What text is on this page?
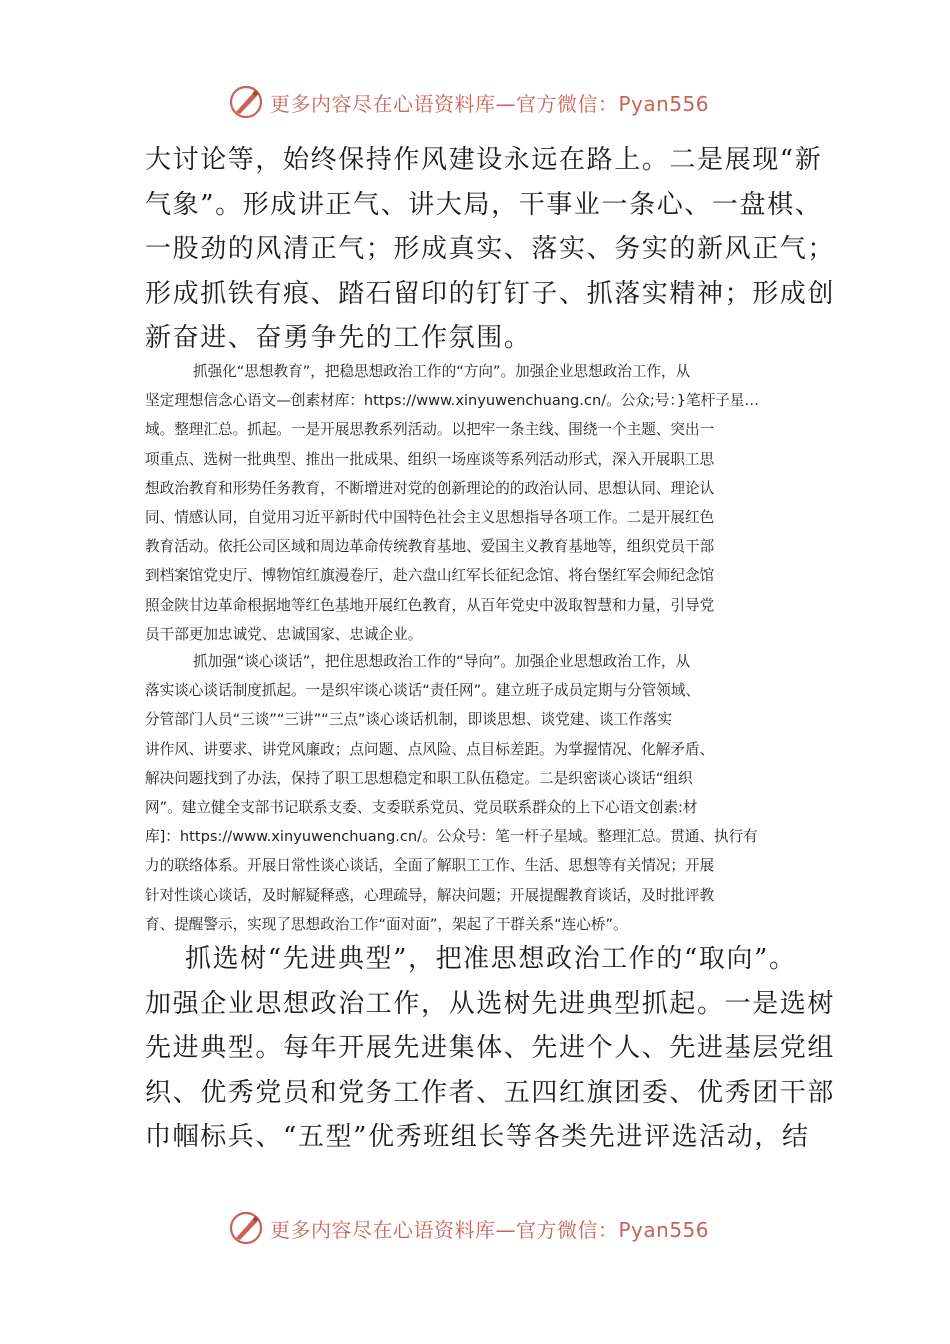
更多内容尽在心语资料库—官方微信：Pyan556
大讨论等，始终保持作风建设永远在路上。二是展现“新
气象”。形成讲正气、讲大局，干事业一条心、一盘棋、
一股劲的风清正气；形成真实、落实、务实的新风正气；
形成抓铁有痕、踏石留印的钉钉子、抓落实精神；形成创
新奋进、奋勇争先的工作氛围。
抓强化“思想教育”，把稳思想政治工作的“方向”。加强企业思想政治工作，从
坚定理想信念心语文—创素材库：https://www.xinyuwenchuang.cn/。公众;号：}笔杆子星…
域。整理汇总。抓起。一是开展思教系列活动。以把牢一条主线、围绕一个主题、突出一
项重点、选树一批典型、推出一批成果、组织一场座谈等系列活动形式，深入开展职工思
想政治教育和形势任务教育，不断增进对党的创新理论的的政治认同、思想认同、理论认
同、情感认同，自觉用习近平新时代中国特色社会主义思想指导各项工作。二是开展红色
教育活动。依托公司区域和周边革命传统教育基地、爱国主义教育基地等，组织党员干部
到档案馆党史厅、博物馆红旗漫卷厅，赴六盘山红军长征纪念馆、将台堡红军会师纪念馆
照金陕甘边革命根据地等红色基地开展红色教育，从百年党史中汲取智慧和力量，引导党
员干部更加忠诚党、忠诚国家、忠诚企业。
抓加强“谈心谈话”，把住思想政治工作的“导向”。加强企业思想政治工作，从
落实谈心谈话制度抓起。一是织牢谈心谈话“责任网”。建立班子成员定期与分管领域、
分管部门人员“三谈”“三讲”“三点”谈心谈话机制，即谈思想、谈党建、谈工作落实
讲作风、讲要求、讲党风廉政；点问题、点风险、点目标差距。为掌握情况、化解矛盾、
解决问题找到了办法，保持了职工思想稳定和职工队伍稳定。二是织密谈心谈话“组织
网”。建立健全支部书记联系支委、支委联系党员、党员联系群众的上下心语文创素:材
库]：https://www.xinyuwenchuang.cn/。公众号：笔一杆子星域。整理汇总。贯通、执行有
力的联络体系。开展日常性谈心谈话，全面了解职工工作、生活、思想等有关情况；开展
针对性谈心谈话，及时解疑释惑，心理疏导，解决问题；开展提醒教育谈话，及时批评教
育、提醒警示，实现了思想政治工作“面对面”，架起了干群关系“连心桥”。
抓选树“先进典型”，把准思想政治工作的“取向”。
加强企业思想政治工作，从选树先进典型抓起。一是选树
先进典型。每年开展先进集体、先进个人、先进基层党组
织、优秀党员和党务工作者、五四红旗团委、优秀团干部
巾帼标兵、“五型”优秀班组长等各类先进评选活动，结
更多内容尽在心语资料库—官方微信：Pyan556
